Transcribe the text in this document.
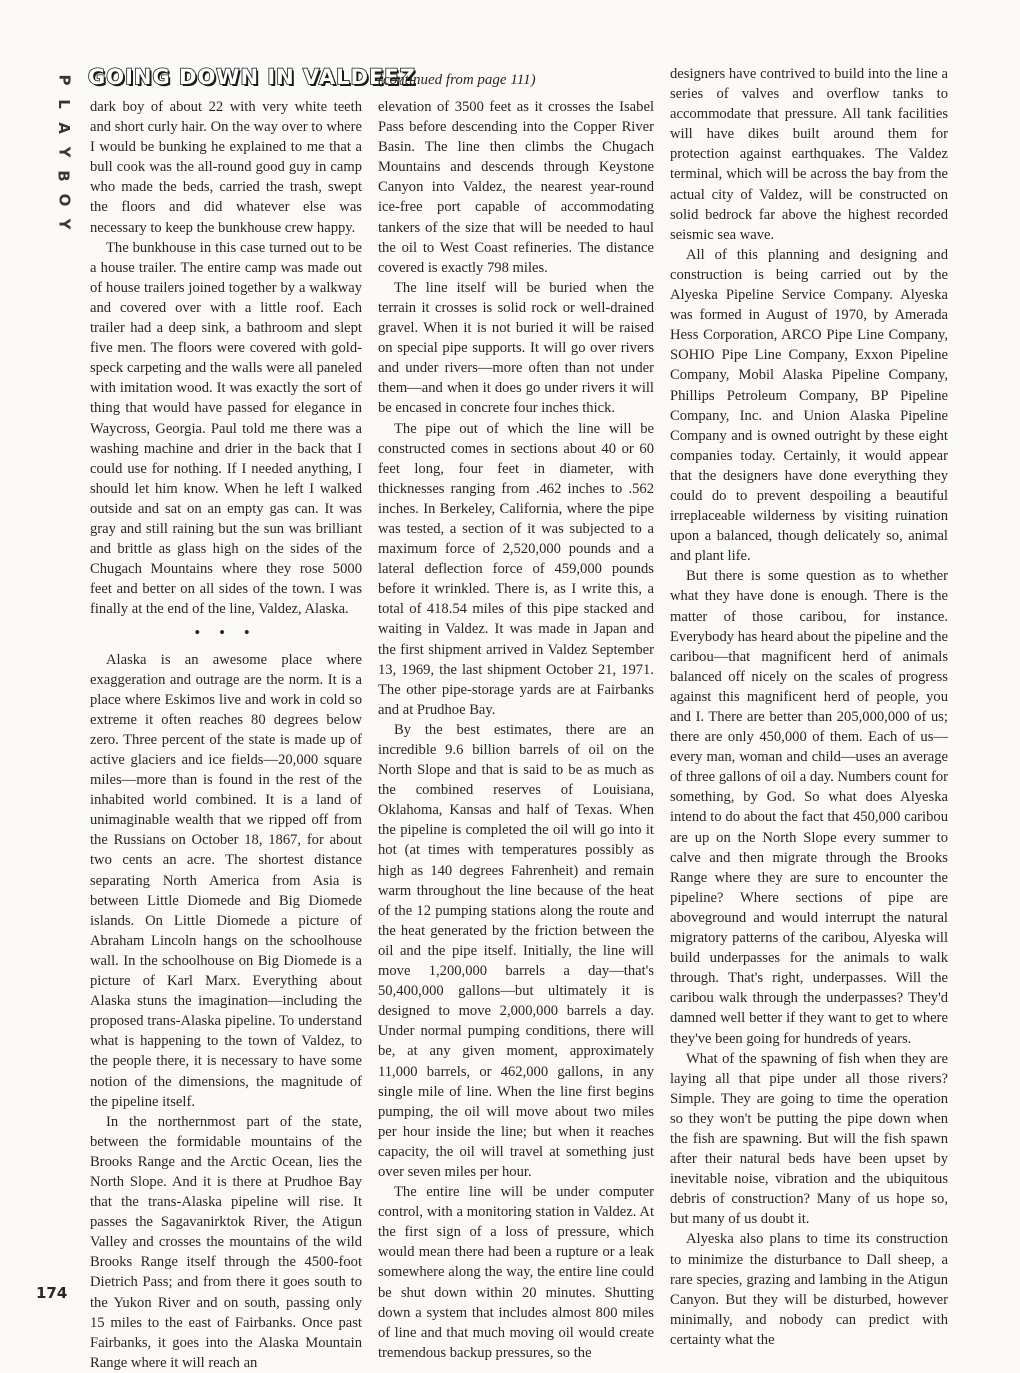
P
L
A
Y
B
O
Y
GOING DOWN IN VALDEEZ
(continued from page 111)

dark boy of about 22 with very white teeth and short curly hair. On the way over to where I would be bunking he explained to me that a bull cook was the all-round good guy in camp who made the beds, carried the trash, swept the floors and did whatever else was necessary to keep the bunkhouse crew happy.

The bunkhouse in this case turned out to be a house trailer. The entire camp was made out of house trailers joined together by a walkway and covered over with a little roof. Each trailer had a deep sink, a bathroom and slept five men. The floors were covered with gold-speck carpeting and the walls were all paneled with imitation wood. It was exactly the sort of thing that would have passed for elegance in Waycross, Georgia. Paul told me there was a washing machine and drier in the back that I could use for nothing. If I needed anything, I should let him know. When he left I walked outside and sat on an empty gas can. It was gray and still raining but the sun was brilliant and brittle as glass high on the sides of the Chugach Mountains where they rose 5000 feet and better on all sides of the town. I was finally at the end of the line, Valdez, Alaska.

• • •

Alaska is an awesome place where exaggeration and outrage are the norm. It is a place where Eskimos live and work in cold so extreme it often reaches 80 degrees below zero. Three percent of the state is made up of active glaciers and ice fields—20,000 square miles—more than is found in the rest of the inhabited world combined. It is a land of unimaginable wealth that we ripped off from the Russians on October 18, 1867, for about two cents an acre. The shortest distance separating North America from Asia is between Little Diomede and Big Diomede islands. On Little Diomede a picture of Abraham Lincoln hangs on the schoolhouse wall. In the schoolhouse on Big Diomede is a picture of Karl Marx. Everything about Alaska stuns the imagination—including the proposed trans-Alaska pipeline. To understand what is happening to the town of Valdez, to the people there, it is necessary to have some notion of the dimensions, the magnitude of the pipeline itself.

In the northernmost part of the state, between the formidable mountains of the Brooks Range and the Arctic Ocean, lies the North Slope. And it is there at Prudhoe Bay that the trans-Alaska pipeline will rise. It passes the Sagavanirktok River, the Atigun Valley and crosses the mountains of the wild Brooks Range itself through the 4500-foot Dietrich Pass; and from there it goes south to the Yukon River and on south, passing only 15 miles to the east of Fairbanks. Once past Fairbanks, it goes into the Alaska Mountain Range where it will reach an

elevation of 3500 feet as it crosses the Isabel Pass before descending into the Copper River Basin. The line then climbs the Chugach Mountains and descends through Keystone Canyon into Valdez, the nearest year-round ice-free port capable of accommodating tankers of the size that will be needed to haul the oil to West Coast refineries. The distance covered is exactly 798 miles.

The line itself will be buried when the terrain it crosses is solid rock or well-drained gravel. When it is not buried it will be raised on special pipe supports. It will go over rivers and under rivers—more often than not under them—and when it does go under rivers it will be encased in concrete four inches thick.

The pipe out of which the line will be constructed comes in sections about 40 or 60 feet long, four feet in diameter, with thicknesses ranging from .462 inches to .562 inches. In Berkeley, California, where the pipe was tested, a section of it was subjected to a maximum force of 2,520,000 pounds and a lateral deflection force of 459,000 pounds before it wrinkled. There is, as I write this, a total of 418.54 miles of this pipe stacked and waiting in Valdez. It was made in Japan and the first shipment arrived in Valdez September 13, 1969, the last shipment October 21, 1971. The other pipe-storage yards are at Fairbanks and at Prudhoe Bay.

By the best estimates, there are an incredible 9.6 billion barrels of oil on the North Slope and that is said to be as much as the combined reserves of Louisiana, Oklahoma, Kansas and half of Texas. When the pipeline is completed the oil will go into it hot (at times with temperatures possibly as high as 140 degrees Fahrenheit) and remain warm throughout the line because of the heat of the 12 pumping stations along the route and the heat generated by the friction between the oil and the pipe itself. Initially, the line will move 1,200,000 barrels a day—that's 50,400,000 gallons—but ultimately it is designed to move 2,000,000 barrels a day. Under normal pumping conditions, there will be, at any given moment, approximately 11,000 barrels, or 462,000 gallons, in any single mile of line. When the line first begins pumping, the oil will move about two miles per hour inside the line; but when it reaches capacity, the oil will travel at something just over seven miles per hour.

The entire line will be under computer control, with a monitoring station in Valdez. At the first sign of a loss of pressure, which would mean there had been a rupture or a leak somewhere along the way, the entire line could be shut down within 20 minutes. Shutting down a system that includes almost 800 miles of line and that much moving oil would create tremendous backup pressures, so the

designers have contrived to build into the line a series of valves and overflow tanks to accommodate that pressure. All tank facilities will have dikes built around them for protection against earthquakes. The Valdez terminal, which will be across the bay from the actual city of Valdez, will be constructed on solid bedrock far above the highest recorded seismic sea wave.

All of this planning and designing and construction is being carried out by the Alyeska Pipeline Service Company. Alyeska was formed in August of 1970, by Amerada Hess Corporation, ARCO Pipe Line Company, SOHIO Pipe Line Company, Exxon Pipeline Company, Mobil Alaska Pipeline Company, Phillips Petroleum Company, BP Pipeline Company, Inc. and Union Alaska Pipeline Company and is owned outright by these eight companies today. Certainly, it would appear that the designers have done everything they could do to prevent despoiling a beautiful irreplaceable wilderness by visiting ruination upon a balanced, though delicately so, animal and plant life.

But there is some question as to whether what they have done is enough. There is the matter of those caribou, for instance. Everybody has heard about the pipeline and the caribou—that magnificent herd of animals balanced off nicely on the scales of progress against this magnificent herd of people, you and I. There are better than 205,000,000 of us; there are only 450,000 of them. Each of us—every man, woman and child—uses an average of three gallons of oil a day. Numbers count for something, by God. So what does Alyeska intend to do about the fact that 450,000 caribou are up on the North Slope every summer to calve and then migrate through the Brooks Range where they are sure to encounter the pipeline? Where sections of pipe are aboveground and would interrupt the natural migratory patterns of the caribou, Alyeska will build underpasses for the animals to walk through. That's right, underpasses. Will the caribou walk through the underpasses? They'd damned well better if they want to get to where they've been going for hundreds of years.

What of the spawning of fish when they are laying all that pipe under all those rivers? Simple. They are going to time the operation so they won't be putting the pipe down when the fish are spawning. But will the fish spawn after their natural beds have been upset by inevitable noise, vibration and the ubiquitous debris of construction? Many of us hope so, but many of us doubt it.

Alyeska also plans to time its construction to minimize the disturbance to Dall sheep, a rare species, grazing and lambing in the Atigun Canyon. But they will be disturbed, however minimally, and nobody can predict with certainty what the

174
